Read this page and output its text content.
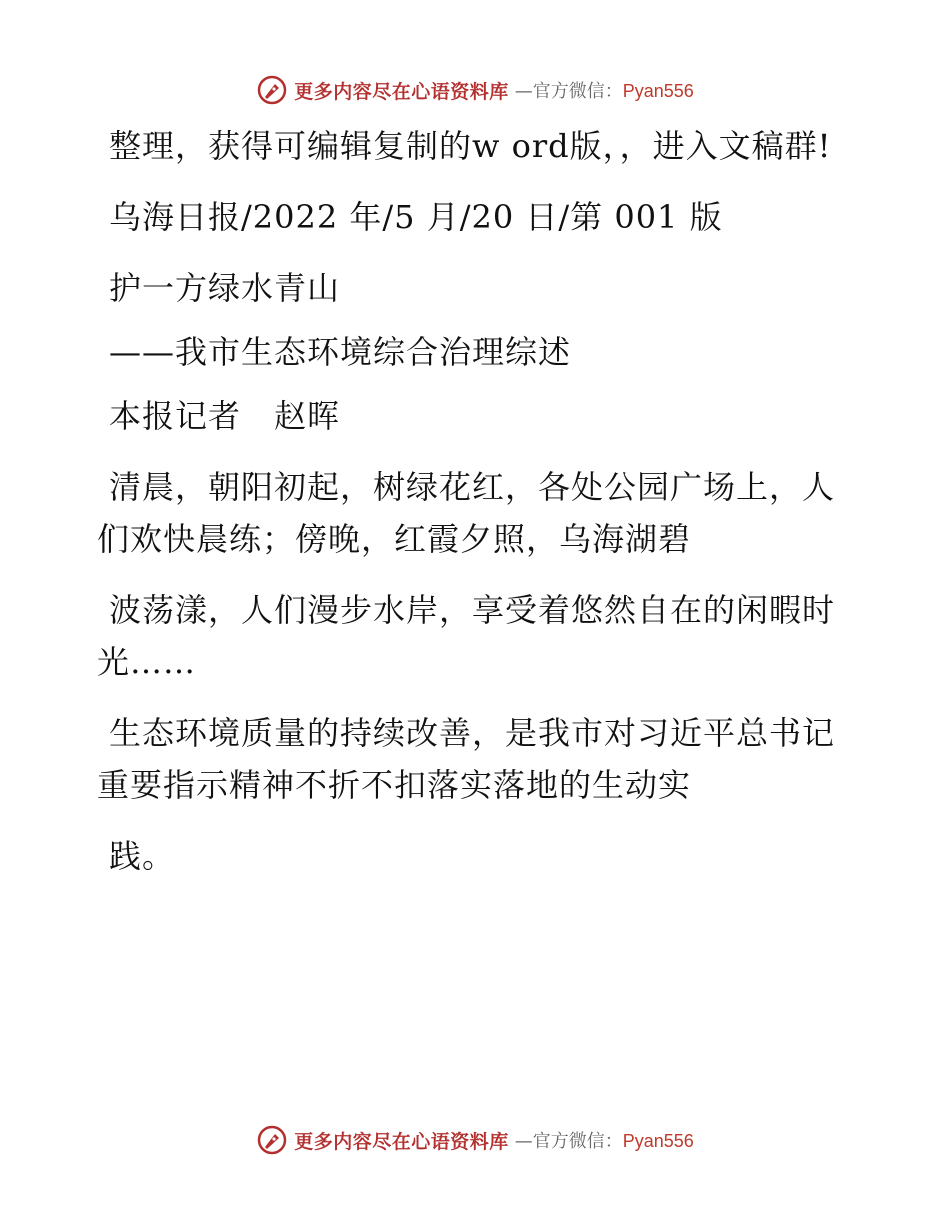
更多内容尽在心语资料库 —官方微信：Pyan556

整理，获得可编辑复制的w ord版，，进入文稿群!

乌海日报/2022 年/5 月/20 日/第 001 版

护一方绿水青山

——我市生态环境综合治理综述

本报记者　赵晖

清晨，朝阳初起，树绿花红，各处公园广场上，人们欢快晨练；傍晚，红霞夕照，乌海湖碧

波荡漾，人们漫步水岸，享受着悠然自在的闲暇时光……

生态环境质量的持续改善，是我市对习近平总书记重要指示精神不折不扣落实落地的生动实

践。

更多内容尽在心语资料库 —官方微信：Pyan556
